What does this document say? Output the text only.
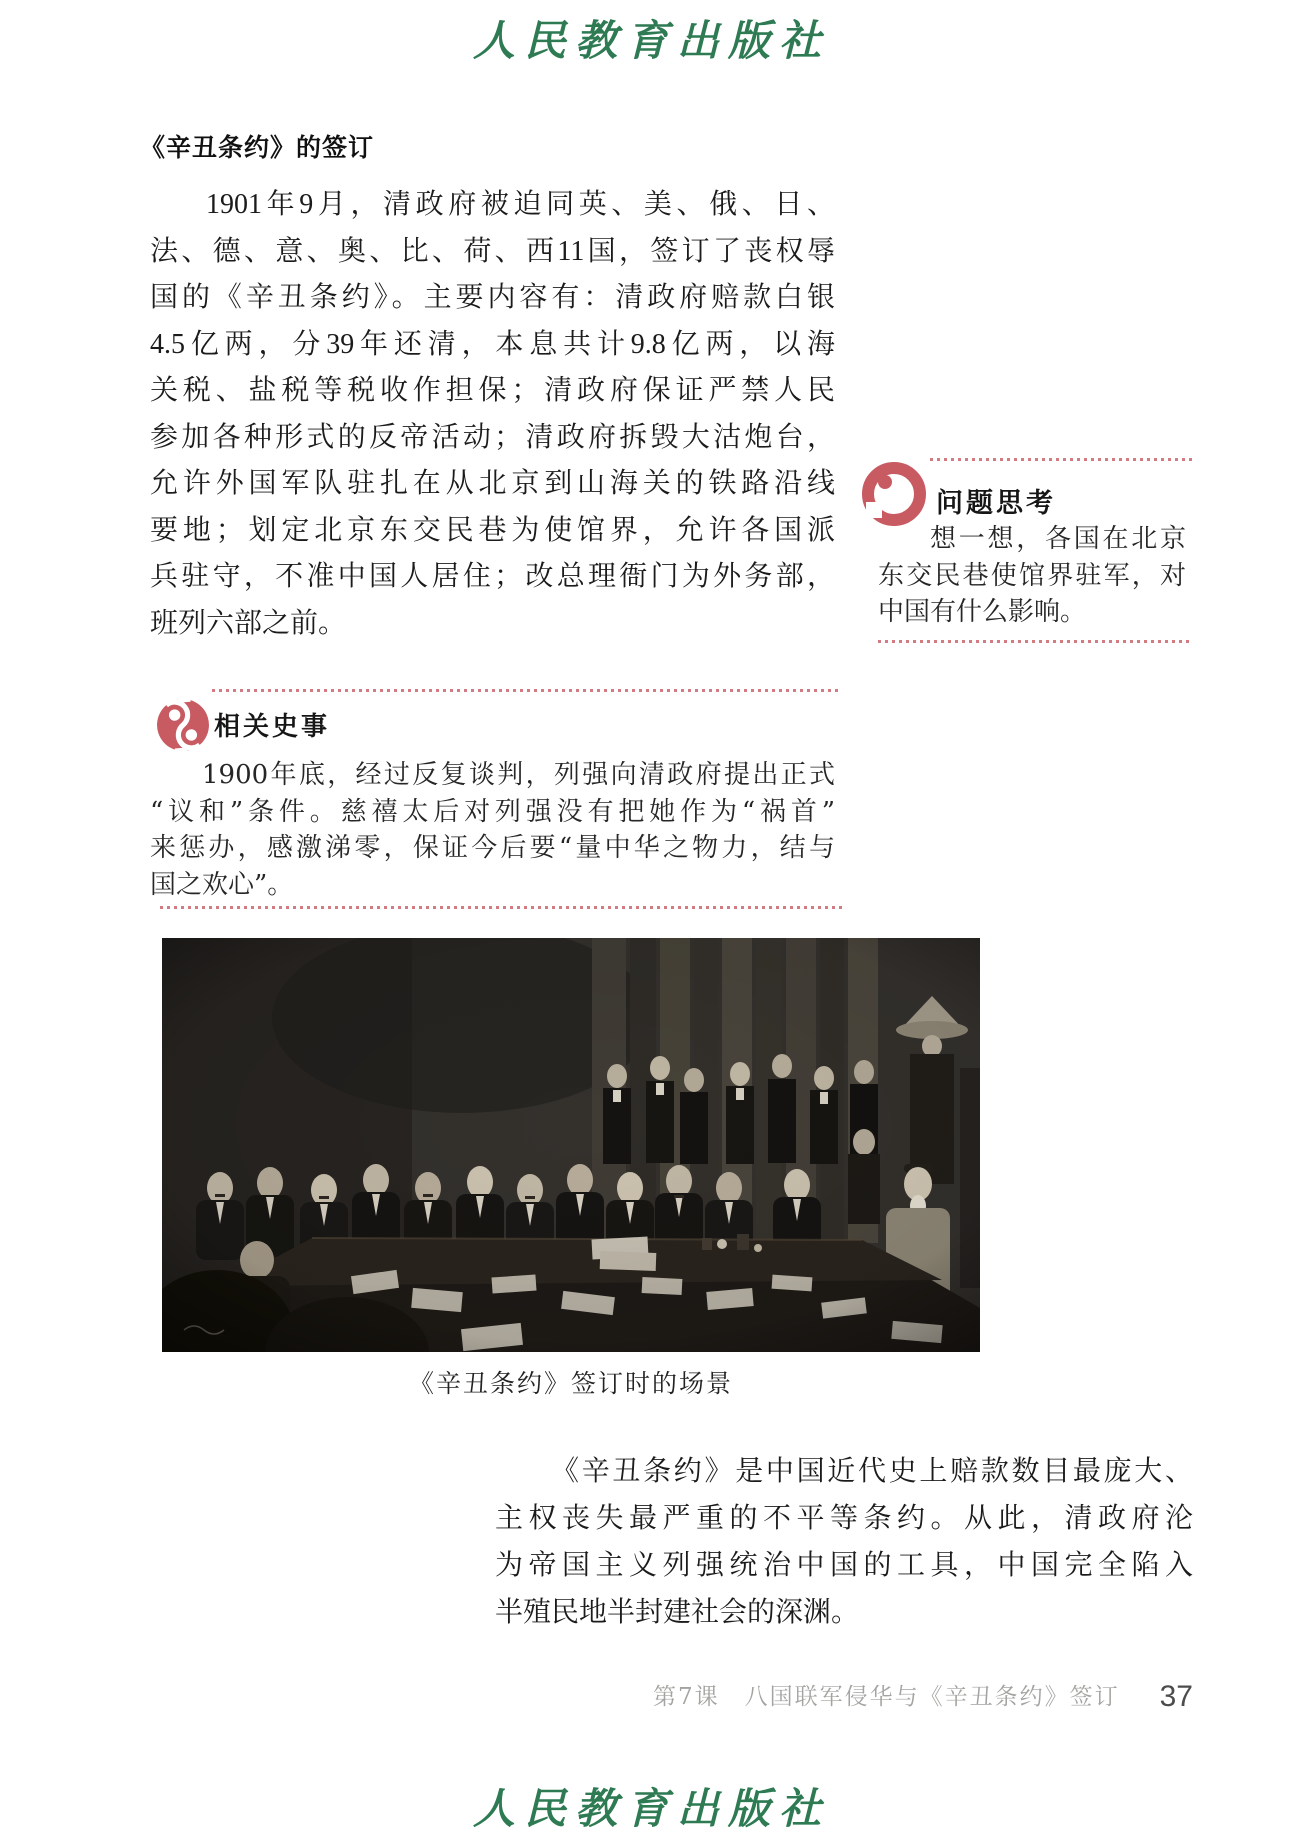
人民教育出版社
《辛丑条约》的签订
1901年9月，清政府被迫同英、美、俄、日、
法、德、意、奥、比、荷、西11国，签订了丧权辱
国的《辛丑条约》。主要内容有：清政府赔款白银
4.5亿两，分39年还清，本息共计9.8亿两，以海
关税、盐税等税收作担保；清政府保证严禁人民
参加各种形式的反帝活动；清政府拆毁大沽炮台，
允许外国军队驻扎在从北京到山海关的铁路沿线
要地；划定北京东交民巷为使馆界，允许各国派
兵驻守，不准中国人居住；改总理衙门为外务部，
班列六部之前。
问题思考
想一想，各国在北京
东交民巷使馆界驻军，对
中国有什么影响。
相关史事
1900年底，经过反复谈判，列强向清政府提出正式
“议和”条件。慈禧太后对列强没有把她作为“祸首”
来惩办，感激涕零，保证今后要“量中华之物力，结与
国之欢心”。
《辛丑条约》签订时的场景
《辛丑条约》是中国近代史上赔款数目最庞大、
主权丧失最严重的不平等条约。从此，清政府沦
为帝国主义列强统治中国的工具，中国完全陷入
半殖民地半封建社会的深渊。
第7课　八国联军侵华与《辛丑条约》签订 37
人民教育出版社
